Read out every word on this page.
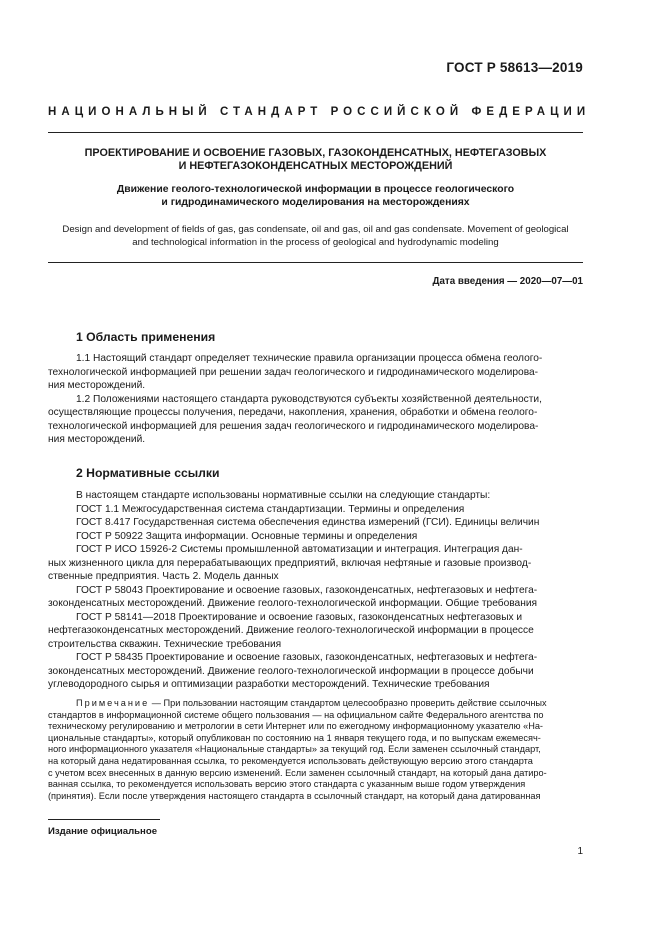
ГОСТ Р 58613—2019
НАЦИОНАЛЬНЫЙ СТАНДАРТ РОССИЙСКОЙ ФЕДЕРАЦИИ
ПРОЕКТИРОВАНИЕ И ОСВОЕНИЕ ГАЗОВЫХ, ГАЗОКОНДЕНСАТНЫХ, НЕФТЕГАЗОВЫХ
И НЕФТЕГАЗОКОНДЕНСАТНЫХ МЕСТОРОЖДЕНИЙ
Движение геолого-технологической информации в процессе геологического
и гидродинамического моделирования на месторождениях
Design and development of fields of gas, gas condensate, oil and gas, oil and gas condensate. Movement of geological
and technological information in the process of geological and hydrodynamic modeling
Дата введения — 2020—07—01
1 Область применения
1.1 Настоящий стандарт определяет технические правила организации процесса обмена геолого-
технологической информацией при решении задач геологического и гидродинамического моделирова-
ния месторождений.
1.2 Положениями настоящего стандарта руководствуются субъекты хозяйственной деятельности,
осуществляющие процессы получения, передачи, накопления, хранения, обработки и обмена геолого-
технологической информацией для решения задач геологического и гидродинамического моделирова-
ния месторождений.
2 Нормативные ссылки
В настоящем стандарте использованы нормативные ссылки на следующие стандарты:
ГОСТ 1.1 Межгосударственная система стандартизации. Термины и определения
ГОСТ 8.417 Государственная система обеспечения единства измерений (ГСИ). Единицы величин
ГОСТ Р 50922 Защита информации. Основные термины и определения
ГОСТ Р ИСО 15926-2 Системы промышленной автоматизации и интеграция. Интеграция дан-
ных жизненного цикла для перерабатывающих предприятий, включая нефтяные и газовые производ-
ственные предприятия. Часть 2. Модель данных
ГОСТ Р 58043 Проектирование и освоение газовых, газоконденсатных, нефтегазовых и нефтега-
зоконденсатных месторождений. Движение геолого-технологической информации. Общие требования
ГОСТ Р 58141—2018 Проектирование и освоение газовых, газоконденсатных нефтегазовых и
нефтегазоконденсатных месторождений. Движение геолого-технологической информации в процессе
строительства скважин. Технические требования
ГОСТ Р 58435 Проектирование и освоение газовых, газоконденсатных, нефтегазовых и нефтега-
зоконденсатных месторождений. Движение геолого-технологической информации в процессе добычи
углеводородного сырья и оптимизации разработки месторождений. Технические требования
Примечание — При пользовании настоящим стандартом целесообразно проверить действие ссылочных
стандартов в информационной системе общего пользования — на официальном сайте Федерального агентства по
техническому регулированию и метрологии в сети Интернет или по ежегодному информационному указателю «На-
циональные стандарты», который опубликован по состоянию на 1 января текущего года, и по выпускам ежемесяч-
ного информационного указателя «Национальные стандарты» за текущий год. Если заменен ссылочный стандарт,
на который дана недатированная ссылка, то рекомендуется использовать действующую версию этого стандарта
с учетом всех внесенных в данную версию изменений. Если заменен ссылочный стандарт, на который дана датиро-
ванная ссылка, то рекомендуется использовать версию этого стандарта с указанным выше годом утверждения
(принятия). Если после утверждения настоящего стандарта в ссылочный стандарт, на который дана датированная
Издание официальное
1
